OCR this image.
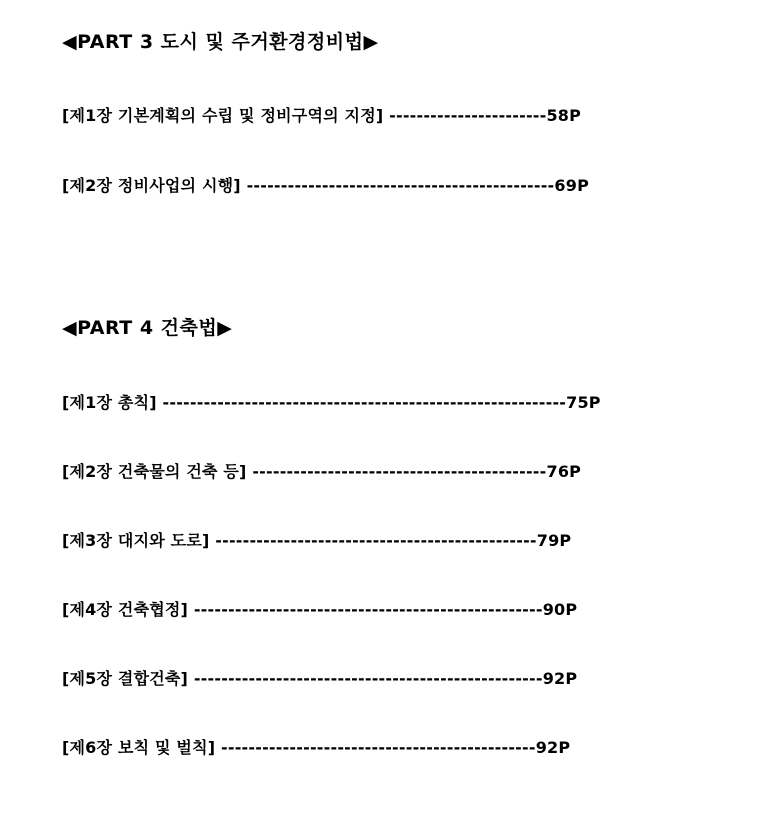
◀PART 3 도시 및 주거환경정비법▶
[제1장 기본계획의 수립 및 정비구역의 지정] -----------------------58P
[제2장 정비사업의 시행] ---------------------------------------------69P
◀PART 4 건축법▶
[제1장 총칙] -----------------------------------------------------------75P
[제2장 건축물의 건축 등] -------------------------------------------76P
[제3장 대지와 도로] -----------------------------------------------79P
[제4장 건축협정] ---------------------------------------------------90P
[제5장 결합건축] ---------------------------------------------------92P
[제6장 보칙 및 벌칙] ----------------------------------------------92P
